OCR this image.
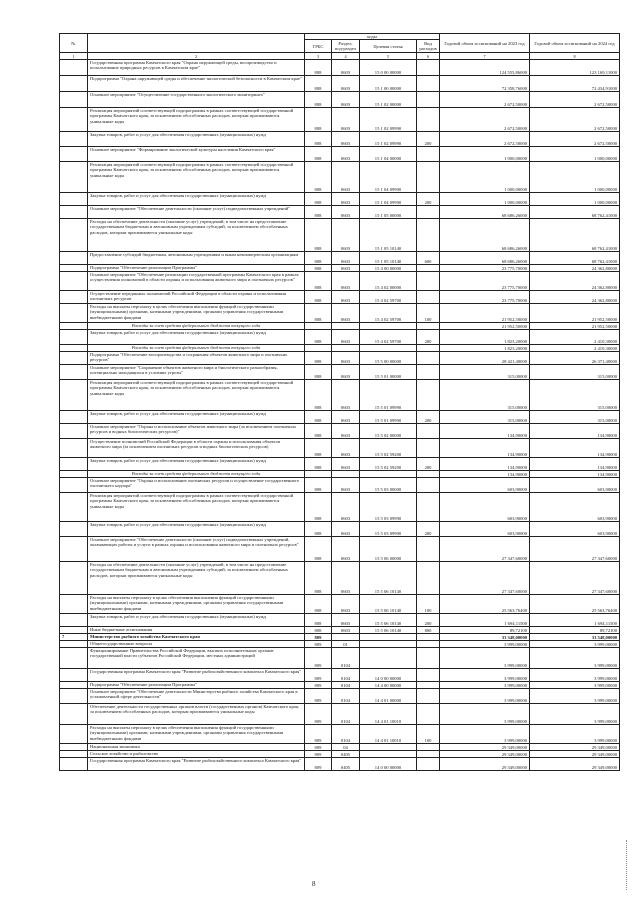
№		коды				Годовой объем ассигнований на 2023 год	Годовой объем ассигнований на 2024 год
		ГРБС	Раздел, под-раздел	Целевая статья	Вид расходов		
1	2	3	4	5	6	7	8
	Государственная программа Камчатского края "Охрана окружающей среды, воспроизводство и использование природных ресурсов в Камчатском крае"	808	0603	15 0 00 00000		124 555,86000	123 169,11000
	Подпрограмма "Охрана окружающей среды и обеспечение экологической безопасности в Камчатском крае"	808	0603	15 1 00 00000		72 358,76000	72 434,91000
	Основное мероприятие "Осуществление государственного экологического мониторинга"	808	0603	15 1 02 00000		2 672,50000	2 672,50000
	Реализация мероприятий соответствующей подпрограммы в рамках соответствующей государственной программы Камчатского края, за исключением обособленных расходов, которым присваиваются уникальные коды	808	0603	15 1 02 09990		2 672,50000	2 672,50000
	Закупка товаров, работ и услуг для обеспечения государственных (муниципальных) нужд	808	0603	15 1 02 09990	200	2 672,50000	2 672,50000
	Основное мероприятие "Формирование экологической культуры населения Камчатского края"	808	0603	15 1 04 00000		1 000,00000	1 000,00000
	Реализация мероприятий соответствующей подпрограммы в рамках соответствующей государственной программы Камчатского края, за исключением обособленных расходов, которым присваиваются уникальные коды	808	0603	15 1 04 09990		1 000,00000	1 000,00000
	Закупка товаров, работ и услуг для обеспечения государственных (муниципальных) нужд	808	0603	15 1 04 09990	200	1 000,00000	1 000,00000
	Основное мероприятие "Обеспечение деятельности (оказание услуг) подведомственных учреждений"	808	0603	15 1 05 00000		68 686,26000	68 762,41000
	Расходы на обеспечение деятельности (оказание услуг) учреждений, в том числе на предоставление государственным бюджетным и автономным учреждениям субсидий, за исключением обособленных расходов, которым присваиваются уникальные коды	808	0603	15 1 05 10140		68 686,26000	68 762,41000
	Предоставление субсидий бюджетным, автономным учреждениям и иным некоммерческим организациям	808	0603	15 1 05 10140	600	68 686,26000	68 762,41000
	Подпрограмма "Обеспечение реализации Программы"	808	0603	15 4 00 00000		23 775,70000	24 362,80000
	Основное мероприятие "Обеспечение реализации государственной программы Камчатского края в рамках осуществления полномочий в области охраны и использования животного мира и охотничьих ресурсов"	808	0603	15 4 02 00000		23 775,70000	24 362,80000
	Осуществление переданных полномочий Российской Федерации в области охраны и использования охотничьих ресурсов	808	0603	15 4 02 59700		23 775,70000	24 362,80000
	Расходы на выплаты персоналу в целях обеспечения выполнения функций государственными (муниципальными) органами, казенными учреждениями, органами управления государственными внебюджетными фондами	808	0603	15 4 02 59700	100	21 952,50000	21 952,50000
	Расходы за счет средств федерального бюджета текущего года					21 952,50000	21 952,50000
	Закупка товаров, работ и услуг для обеспечения государственных (муниципальных) нужд	808	0603	15 4 02 59700	200	1 823,20000	2 410,30000
	Расходы за счет средств федерального бюджета текущего года					1 823,20000	2 410,30000
	Подпрограмма "Обеспечение воспроизводства и сохранения объектов животного мира и охотничьих ресурсов"	808	0603	15 5 00 00000		28 421,40000	26 371,40000
	Основное мероприятие "Сохранение объектов животного мира и биологического разнообразия, потенциально находящихся в условиях угрозы"	808	0603	15 5 01 00000		315,00000	315,00000
	Реализация мероприятий соответствующей подпрограммы в рамках соответствующей государственной программы Камчатского края, за исключением обособленных расходов, которым присваиваются уникальные коды	808	0603	15 5 01 09990		315,00000	315,00000
	Закупка товаров, работ и услуг для обеспечения государственных (муниципальных) нужд	808	0603	15 5 01 09990	200	315,00000	315,00000
	Основное мероприятие "Охрана и использование объектов животного мира (за исключением охотничьих ресурсов и водных биологических ресурсов)"	808	0603	15 5 02 00000		134,90000	134,90000
	Осуществление полномочий Российской Федерации в области охраны и использования объектов животного мира (за исключением охотничьих ресурсов и водных биологических ресурсов)	808	0603	15 5 02 59200		134,90000	134,90000
	Закупка товаров, работ и услуг для обеспечения государственных (муниципальных) нужд	808	0603	15 5 02 59200	200	134,90000	134,90000
	Расходы за счет средств федерального бюджета текущего года					134,90000	134,90000
	Основное мероприятие "Охрана и использование охотничьих ресурсов и осуществление государственного охотничьего надзора"	808	0603	15 5 03 00000		603,90000	603,90000
	Реализация мероприятий соответствующей подпрограммы в рамках соответствующей государственной программы Камчатского края, за исключением обособленных расходов, которым присваиваются уникальные коды	808	0603	15 5 03 09990		603,90000	603,90000
	Закупка товаров, работ и услуг для обеспечения государственных (муниципальных) нужд	808	0603	15 5 03 09990	200	603,90000	603,90000
	Основное мероприятие "Обеспечение деятельности (оказание услуг) подведомственных учреждений, оказывающих работы и услуги в рамках охраны и использования животного мира и охотничьих ресурсов"	808	0603	15 5 06 00000		27 347,60000	27 347,60000
	Расходы на обеспечение деятельности (оказание услуг) учреждений, в том числе на предоставление государственным бюджетным и автономным учреждениям субсидий, за исключением обособленных расходов, которым присваиваются уникальные коды	808	0603	15 5 06 10140		27 347,60000	27 347,60000
	Расходы на выплаты персоналу в целях обеспечения выполнения функций государственными (муниципальными) органами, казенными учреждениями, органами управления государственными внебюджетными фондами	808	0603	15 5 06 10140	100	25 563,76400	25 563,76400
	Закупка товаров, работ и услуг для обеспечения государственных (муниципальных) нужд	808	0603	15 5 06 10140	200	1 694,11500	1 694,11500
	Иные бюджетные ассигнования	808	0603	15 5 06 10140	800	89,72100	89,72100
7	Министерство рыбного хозяйства Камчатского края	809				33 348,00000	33 548,00000
	Общегосударственные вопросы	809	01			3 999,00000	3 999,00000
	Функционирование Правительства Российской Федерации, высших исполнительных органов государственной власти субъектов Российской Федерации, местных администраций	809	0104			3 999,00000	3 999,00000
	Государственная программа Камчатского края "Развитие рыбохозяйственного комплекса Камчатского края"	809	0104	14 0 00 00000		3 999,00000	3 999,00000
	Подпрограмма "Обеспечение реализации Программы"	809	0104	14 4 00 00000		3 999,00000	3 999,00000
	Основное мероприятие "Обеспечение деятельности Министерства рыбного хозяйства Камчатского края в установленной сфере деятельности"	809	0104	14 4 01 00000		3 999,00000	3 999,00000
	Обеспечение деятельности государственных органов власти (государственных органов) Камчатского края, за исключением обособленных расходов, которым присваиваются уникальные коды	809	0104	14 4 01 10010		3 999,00000	3 999,00000
	Расходы на выплаты персоналу в целях обеспечения выполнения функций государственными (муниципальными) органами, казенными учреждениями, органами управления государственными внебюджетными фондами	809	0104	14 4 01 10010	100	3 999,00000	3 999,00000
	Национальная экономика	809	04			29 349,00000	29 349,00000
	Сельское хозяйство и рыболовство	809	0405			29 349,00000	29 349,00000
	Государственная программа Камчатского края "Развитие рыбохозяйственного комплекса Камчатского края"	809	0405	14 0 00 00000		29 349,00000	29 349,00000
8
